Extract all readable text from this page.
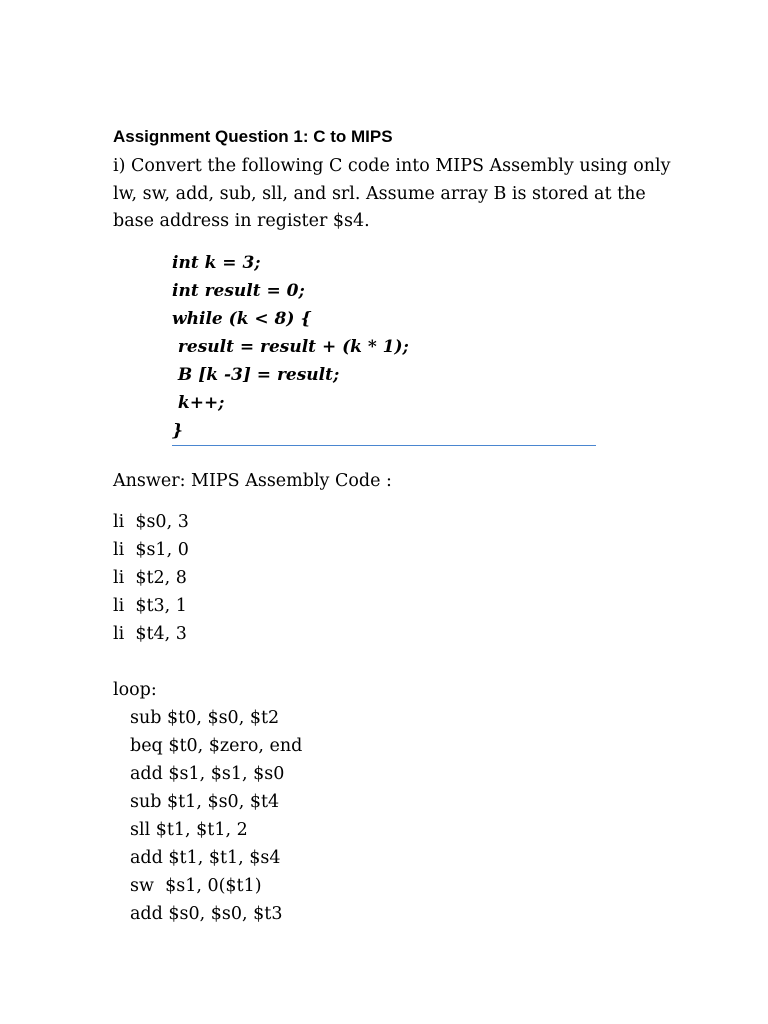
Assignment Question 1: C to MIPS
i) Convert the following C code into MIPS Assembly using only
lw, sw, add, sub, sll, and srl. Assume array B is stored at the
base address in register $s4.
int k = 3;
int result = 0;
while (k < 8) {
result = result + (k * 1);
B [k -3] = result;
k++;
}
Answer: MIPS Assembly Code :
li  $s0, 3
li  $s1, 0
li  $t2, 8
li  $t3, 1
li  $t4, 3
loop:
sub $t0, $s0, $t2
beq $t0, $zero, end
add $s1, $s1, $s0
sub $t1, $s0, $t4
sll $t1, $t1, 2
add $t1, $t1, $s4
sw  $s1, 0($t1)
add $s0, $s0, $t3
